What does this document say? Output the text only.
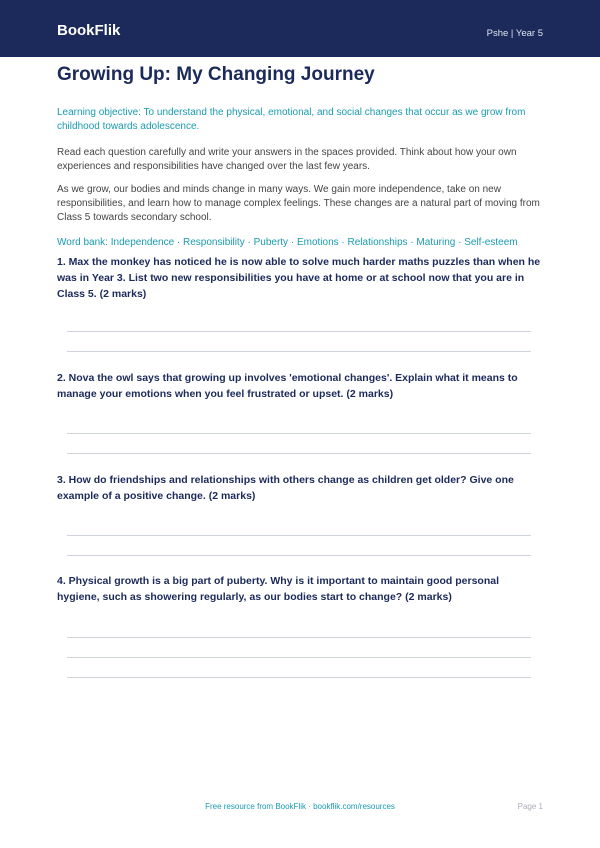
BookFlik	Pshe | Year 5
Growing Up: My Changing Journey

Learning objective: To understand the physical, emotional, and social changes that occur as we grow from childhood towards adolescence.

Read each question carefully and write your answers in the spaces provided. Think about how your own experiences and responsibilities have changed over the last few years.

As we grow, our bodies and minds change in many ways. We gain more independence, take on new responsibilities, and learn how to manage complex feelings. These changes are a natural part of moving from Class 5 towards secondary school.

Word bank: Independence · Responsibility · Puberty · Emotions · Relationships · Maturing · Self-esteem

1. Max the monkey has noticed he is now able to solve much harder maths puzzles than when he was in Year 3. List two new responsibilities you have at home or at school now that you are in Class 5. (2 marks)
2. Nova the owl says that growing up involves 'emotional changes'. Explain what it means to manage your emotions when you feel frustrated or upset. (2 marks)
3. How do friendships and relationships with others change as children get older? Give one example of a positive change. (2 marks)
4. Physical growth is a big part of puberty. Why is it important to maintain good personal hygiene, such as showering regularly, as our bodies start to change? (2 marks)
Free resource from BookFlik · bookflik.com/resources	Page 1
